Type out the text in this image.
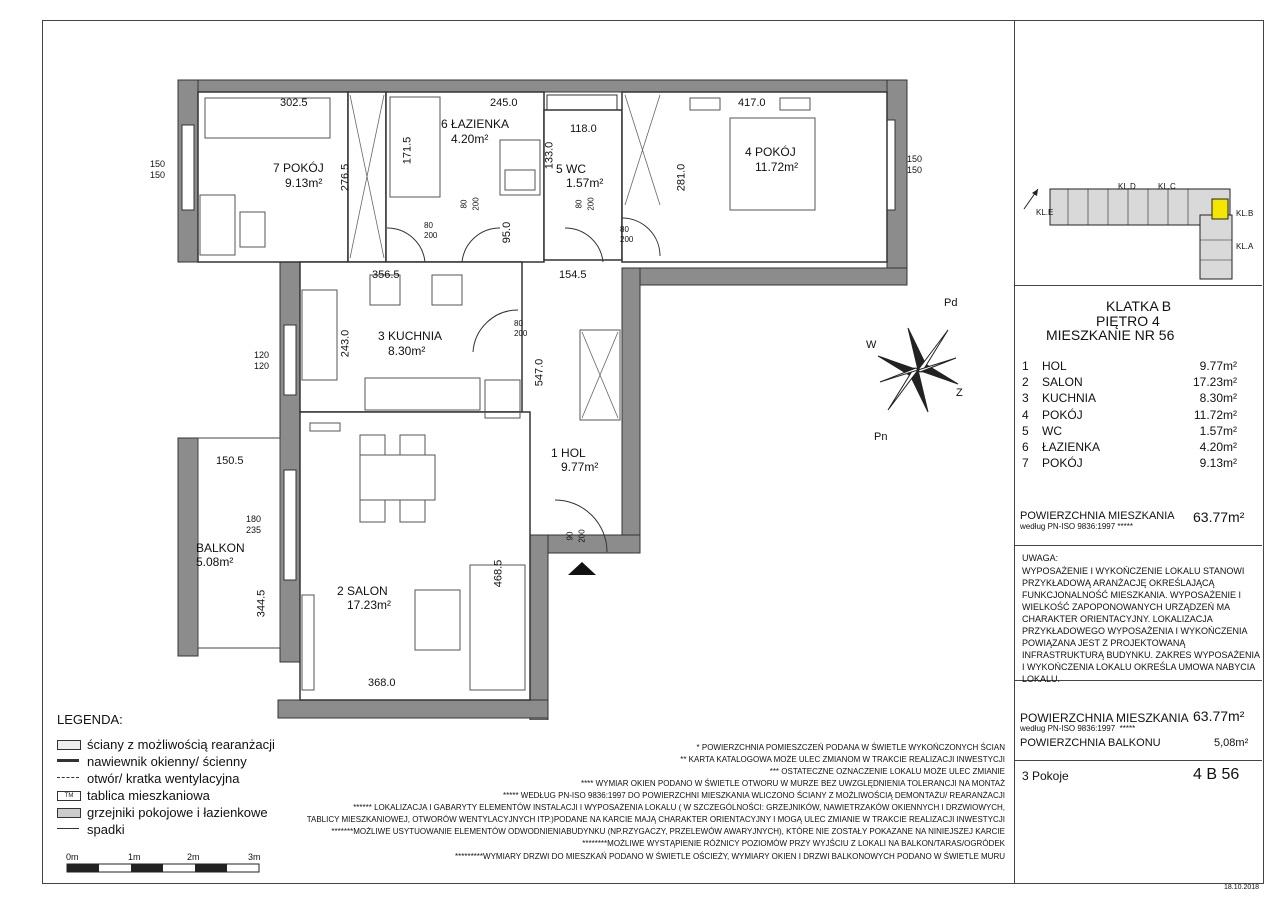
7 POKÓJ
9.13m²
6 ŁAZIENKA
4.20m²
5 WC
1.57m²
4 POKÓJ
11.72m²
3 KUCHNIA
8.30m²
1 HOL
9.77m²
2 SALON
17.23m²
BALKON
5.08m²
302.5	245.0	417.0
118.0
171.5	133.0
276.5	281.0
95.0
356.5	154.5
243.0
547.0
150.5
468.5
344.5
368.0
150
150
150
150
120
120
180
235
80
200
80 200	80 200
80
200
80
200
90 200
Pd
W
Z
Pn
KL.D	KL.C
KL.E	KL.B
KL.A
KLATKA B
PIĘTRO 4
MIESZKANIE NR 56
1 HOL	9.77m²
2 SALON	17.23m²
3 KUCHNIA	8.30m²
4 POKÓJ	11.72m²
5 WC	1.57m²
6 ŁAZIENKA	4.20m²
7 POKÓJ	9.13m²
POWIERZCHNIA MIESZKANIA
według PN-ISO 9836:1997 *****
63.77m²
UWAGA:
WYPOSAŻENIE I WYKOŃCZENIE LOKALU STANOWI
PRZYKŁADOWĄ ARANŻACJĘ OKREŚLAJĄCĄ
FUNKCJONALNOŚĆ MIESZKANIA. WYPOSAŻENIE I
WIELKOŚĆ ZAPOPONOWANYCH URZĄDZEŃ MA
CHARAKTER ORIENTACYJNY. LOKALIZACJA
PRZYKŁADOWEGO WYPOSAŻENIA I WYKOŃCZENIA
POWIĄZANA JEST Z PROJEKTOWANĄ
INFRASTRUKTURĄ BUDYNKU. ZAKRES WYPOSAŻENIA
I WYKOŃCZENIA LOKALU OKREŚLA UMOWA NABYCIA
LOKALU.
POWIERZCHNIA MIESZKANIA
według PN-ISO 9836:1997 *****
63.77m²
POWIERZCHNIA BALKONU	5,08m²
3 Pokoje	4 B 56
LEGENDA:
ściany z możliwością rearanżacji
nawiewnik okienny/ ścienny
otwór/ kratka wentylacyjna
TM	tablica mieszkaniowa
grzejniki pokojowe i łazienkowe
spadki
0m	1m	2m	3m
* POWIERZCHNIA POMIESZCZEŃ PODANA W ŚWIETLE WYKOŃCZONYCH ŚCIAN
** KARTA KATALOGOWA MOŻE ULEC ZMIANOM W TRAKCIE REALIZACJI INWESTYCJI
*** OSTATECZNE OZNACZENIE LOKALU MOŻE ULEC ZMIANIE
**** WYMIAR OKIEN PODANO W ŚWIETLE OTWORU W MURZE BEZ UWZGLĘDNIENIA TOLERANCJI NA MONTAŻ
***** WEDŁUG PN-ISO 9836:1997 DO POWIERZCHNI MIESZKANIA WLICZONO ŚCIANY Z MOŻLIWOŚCIĄ DEMONTAŻU/ REARANŻACJI
****** LOKALIZACJA I GABARYTY ELEMENTÓW INSTALACJI I WYPOSAŻENIA LOKALU ( W SZCZEGÓLNOŚCI: GRZEJNIKÓW, NAWIETRZAKÓW OKIENNYCH I DRZWIOWYCH,
TABLICY MIESZKANIOWEJ, OTWORÓW WENTYLACYJNYCH ITP.)PODANE NA KARCIE MAJĄ CHARAKTER ORIENTACYJNY I MOGĄ ULEC ZMIANIE W TRAKCIE REALIZACJI INWESTYCJI
*******MOŻLIWE USYTUOWANIE ELEMENTÓW ODWODNIENIABUDYNKU (NP.RZYGACZY, PRZELEWÓW AWARYJNYCH), KTÓRE NIE ZOSTAŁY POKAZANE NA NINIEJSZEJ KARCIE
********MOŻLIWE WYSTĄPIENIE RÓŻNICY POZIOMÓW PRZY WYJŚCIU Z LOKALI NA BALKON/TARAS/OGRÓDEK
*********WYMIARY DRZWI DO MIESZKAŃ PODANO W ŚWIETLE OŚCIEŻY, WYMIARY OKIEN I DRZWI BALKONOWYCH PODANO W ŚWIETLE MURU
18.10.2018
